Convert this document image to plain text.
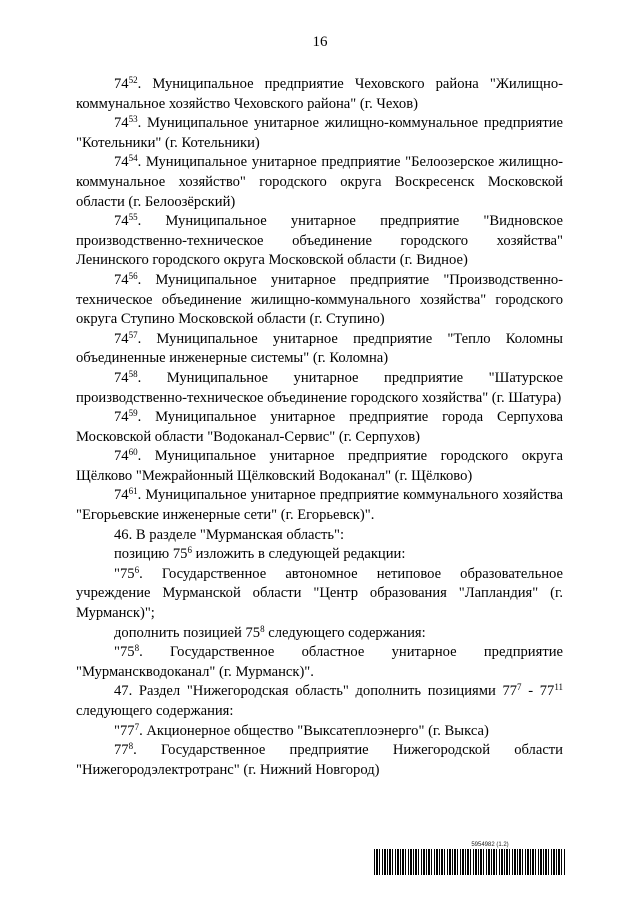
16

$74^{52}$. Муниципальное предприятие Чеховского района "Жилищно-коммунальное хозяйство Чеховского района" (г. Чехов)

$74^{53}$. Муниципальное унитарное жилищно-коммунальное предприятие "Котельники" (г. Котельники)

$74^{54}$. Муниципальное унитарное предприятие "Белоозерское жилищно-коммунальное хозяйство" городского округа Воскресенск Московской области (г. Белоозёрский)

$74^{55}$. Муниципальное унитарное предприятие "Видновское производственно-техническое объединение городского хозяйства" Ленинского городского округа Московской области (г. Видное)

$74^{56}$. Муниципальное унитарное предприятие "Производственно-техническое объединение жилищно-коммунального хозяйства" городского округа Ступино Московской области (г. Ступино)

$74^{57}$. Муниципальное унитарное предприятие "Тепло Коломны объединенные инженерные системы" (г. Коломна)

$74^{58}$. Муниципальное унитарное предприятие "Шатурское производственно-техническое объединение городского хозяйства" (г. Шатура)

$74^{59}$. Муниципальное унитарное предприятие города Серпухова Московской области "Водоканал-Сервис" (г. Серпухов)

$74^{60}$. Муниципальное унитарное предприятие городского округа Щёлково "Межрайонный Щёлковский Водоканал" (г. Щёлково)

$74^{61}$. Муниципальное унитарное предприятие коммунального хозяйства "Егорьевские инженерные сети" (г. Егорьевск)".

46. В разделе "Мурманская область":

позицию $75^6$ изложить в следующей редакции:

"$75^6$. Государственное автономное нетиповое образовательное учреждение Мурманской области "Центр образования "Лапландия" (г. Мурманск)";

дополнить позицией $75^8$ следующего содержания:

"$75^8$. Государственное областное унитарное предприятие "Мурманскводоканал" (г. Мурманск)".

47. Раздел "Нижегородская область" дополнить позициями $77^7 - 77^{11}$ следующего содержания:

"$77^7$. Акционерное общество "Выксатеплоэнерго" (г. Выкса)

$77^8$. Государственное предприятие Нижегородской области "Нижегородэлектротранс" (г. Нижний Новгород)

5954982 (1.2)
